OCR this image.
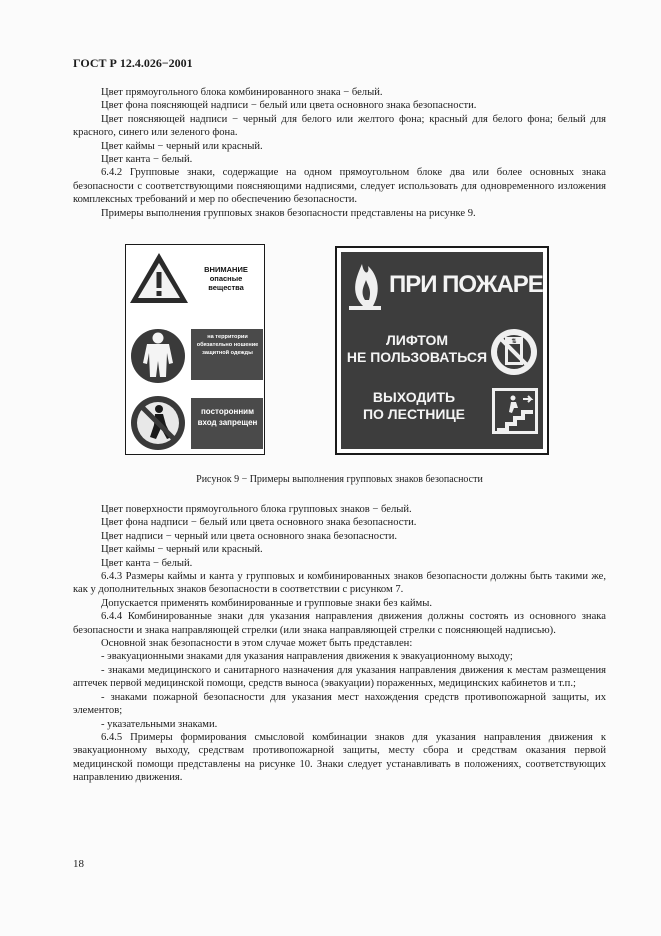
ГОСТ Р 12.4.026−2001

Цвет прямоугольного блока комбинированного знака − белый.

Цвет фона поясняющей надписи − белый или цвета основного знака безопасности.

Цвет поясняющей надписи − черный для белого или желтого фона; красный для белого фона; белый для красного, синего или зеленого фона.

Цвет каймы − черный или красный.

Цвет канта − белый.

6.4.2 Групповые знаки, содержащие на одном прямоугольном блоке два или более основных знака безопасности с соответствующими поясняющими надписями, следует использовать для одновременного изложения комплексных требований и мер по обеспечению безопасности.

Примеры выполнения групповых знаков безопасности представлены на рисунке 9.

ВНИМАНИЕ опасные вещества
на территории обязательно ношение защитной одежды
посторонним вход запрещен
⇅
ПРИ ПОЖАРЕ
ЛИФТОМ
НЕ ПОЛЬЗОВАТЬСЯ
ВЫХОДИТЬ
ПО ЛЕСТНИЦЕ
Рисунок 9 − Примеры выполнения групповых знаков безопасности

Цвет поверхности прямоугольного блока групповых знаков − белый.

Цвет фона надписи − белый или цвета основного знака безопасности.

Цвет надписи − черный или цвета основного знака безопасности.

Цвет каймы − черный или красный.

Цвет канта − белый.

6.4.3 Размеры каймы и канта у групповых и комбинированных знаков безопасности должны быть такими же, как у дополнительных знаков безопасности в соответствии с рисунком 7.

Допускается применять комбинированные и групповые знаки без каймы.

6.4.4 Комбинированные знаки для указания направления движения должны состоять из основного знака безопасности и знака направляющей стрелки (или знака направляющей стрелки с поясняющей надписью).

Основной знак безопасности в этом случае может быть представлен:

- эвакуационными знаками для указания направления движения к эвакуационному выходу;

- знаками медицинского и санитарного назначения для указания направления движения к местам размещения аптечек первой медицинской помощи, средств выноса (эвакуации) пораженных, медицинских кабинетов и т.п.;

- знаками пожарной безопасности для указания мест нахождения средств противопожарной защиты, их элементов;

- указательными знаками.

6.4.5 Примеры формирования смысловой комбинации знаков для указания направления движения к эвакуационному выходу, средствам противопожарной защиты, месту сбора и средствам оказания первой медицинской помощи представлены на рисунке 10. Знаки следует устанавливать в положениях, соответствующих направлению движения.

18
